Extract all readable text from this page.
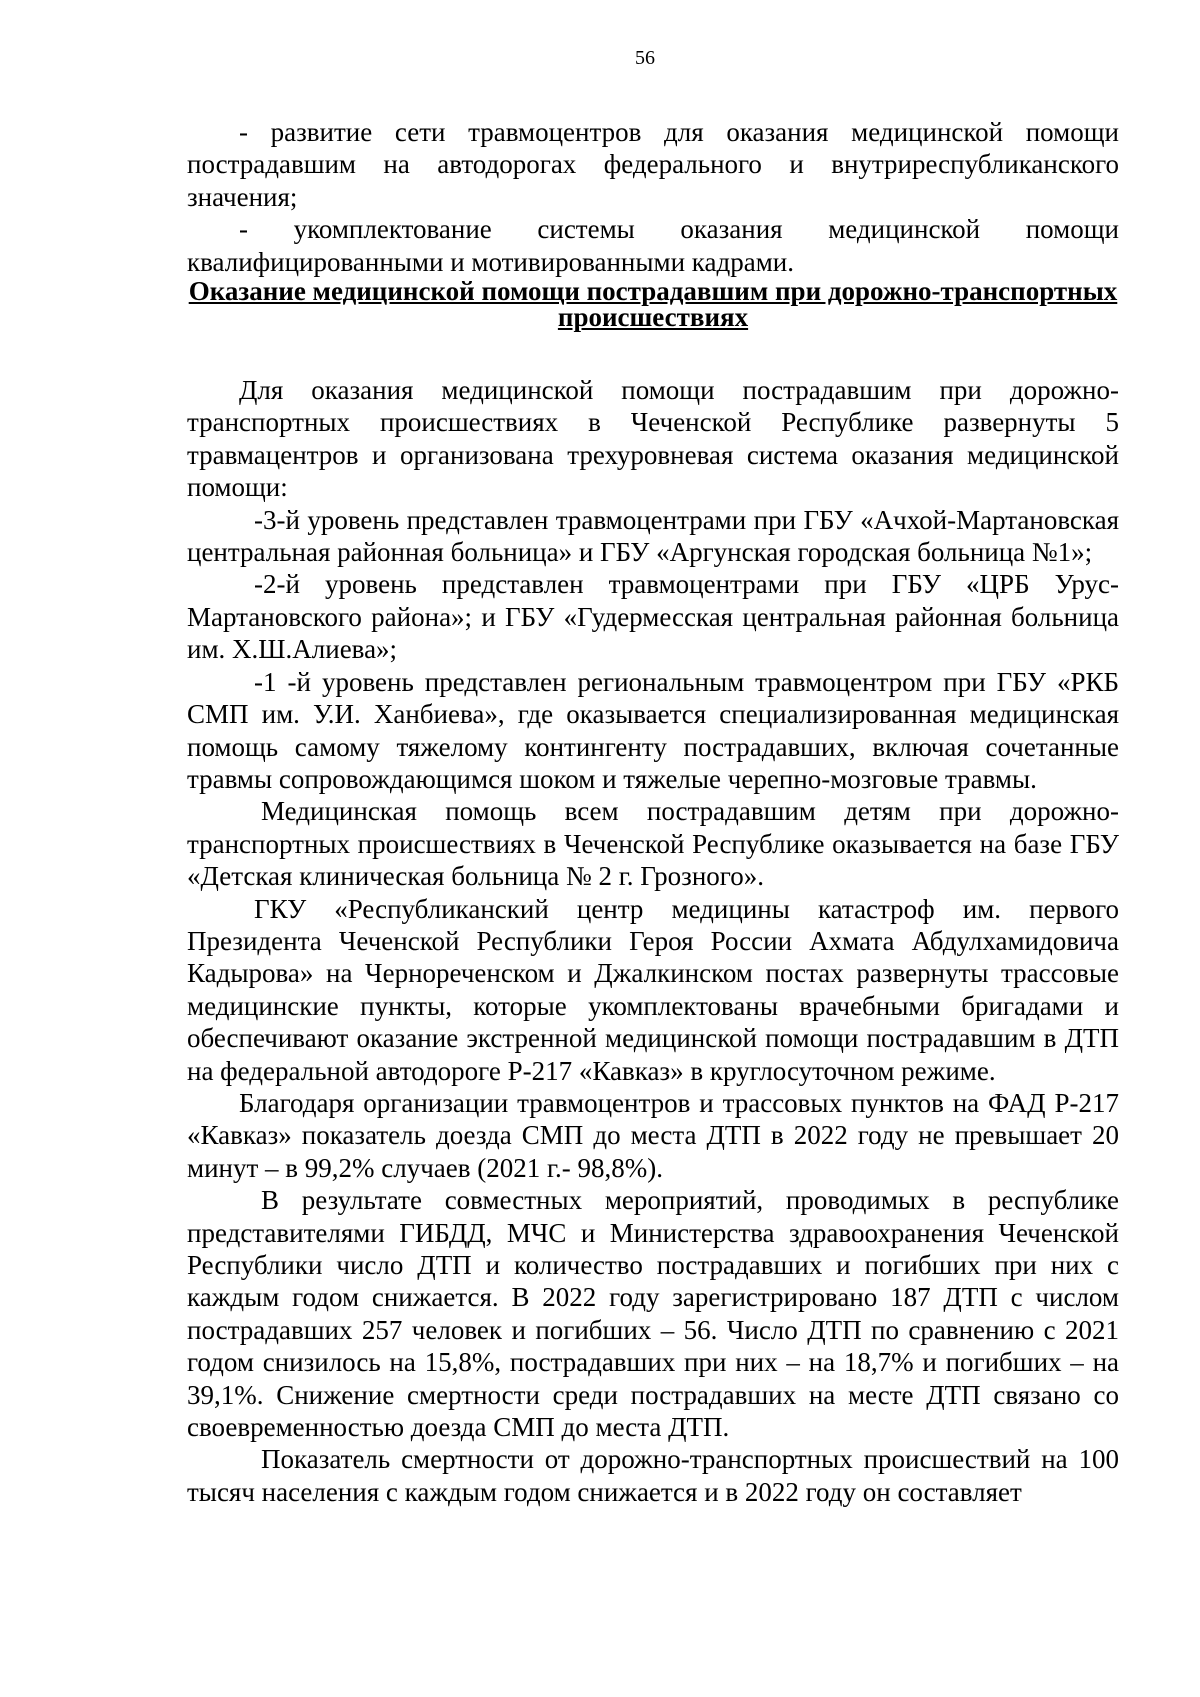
56

- развитие сети травмоцентров для оказания медицинской помощи пострадавшим на автодорогах федерального и внутриреспубликанского значения;

- укомплектование системы оказания медицинской помощи квалифицированными и мотивированными кадрами.

Оказание медицинской помощи пострадавшим при дорожно-транспортных происшествиях

Для оказания медицинской помощи пострадавшим при дорожно-транспортных происшествиях в Чеченской Республике развернуты 5 травмацентров и организована трехуровневая система оказания медицинской помощи:

-3-й уровень представлен травмоцентрами при ГБУ «Ачхой-Мартановская центральная районная больница» и ГБУ «Аргунская городская больница №1»;

-2-й уровень представлен травмоцентрами при ГБУ «ЦРБ Урус-Мартановского района»; и ГБУ «Гудермесская центральная районная больница им. Х.Ш.Алиева»;

-1 -й уровень представлен региональным травмоцентром при ГБУ «РКБ СМП им. У.И. Ханбиева», где оказывается специализированная медицинская помощь самому тяжелому контингенту пострадавших, включая сочетанные травмы сопровождающимся шоком и тяжелые черепно-мозговые травмы.

Медицинская помощь всем пострадавшим детям при дорожно-транспортных происшествиях в Чеченской Республике оказывается на базе ГБУ «Детская клиническая больница № 2 г. Грозного».

ГКУ «Республиканский центр медицины катастроф им. первого Президента Чеченской Республики Героя России Ахмата Абдулхамидовича Кадырова» на Чернореченском и Джалкинском постах развернуты трассовые медицинские пункты, которые укомплектованы врачебными бригадами и обеспечивают оказание экстренной медицинской помощи пострадавшим в ДТП на федеральной автодороге Р-217 «Кавказ» в круглосуточном режиме.

Благодаря организации травмоцентров и трассовых пунктов на ФАД Р-217 «Кавказ» показатель доезда СМП до места ДТП в 2022 году не превышает 20 минут – в 99,2% случаев (2021 г.- 98,8%).

В результате совместных мероприятий, проводимых в республике представителями ГИБДД, МЧС и Министерства здравоохранения Чеченской Республики число ДТП и количество пострадавших и погибших при них с каждым годом снижается. В 2022 году зарегистрировано 187 ДТП с числом пострадавших 257 человек и погибших – 56. Число ДТП по сравнению с 2021 годом снизилось на 15,8%, пострадавших при них – на 18,7% и погибших – на 39,1%. Снижение смертности среди пострадавших на месте ДТП связано со своевременностью доезда СМП до места ДТП.

Показатель смертности от дорожно-транспортных происшествий на 100 тысяч населения с каждым годом снижается и в 2022 году он составляет
